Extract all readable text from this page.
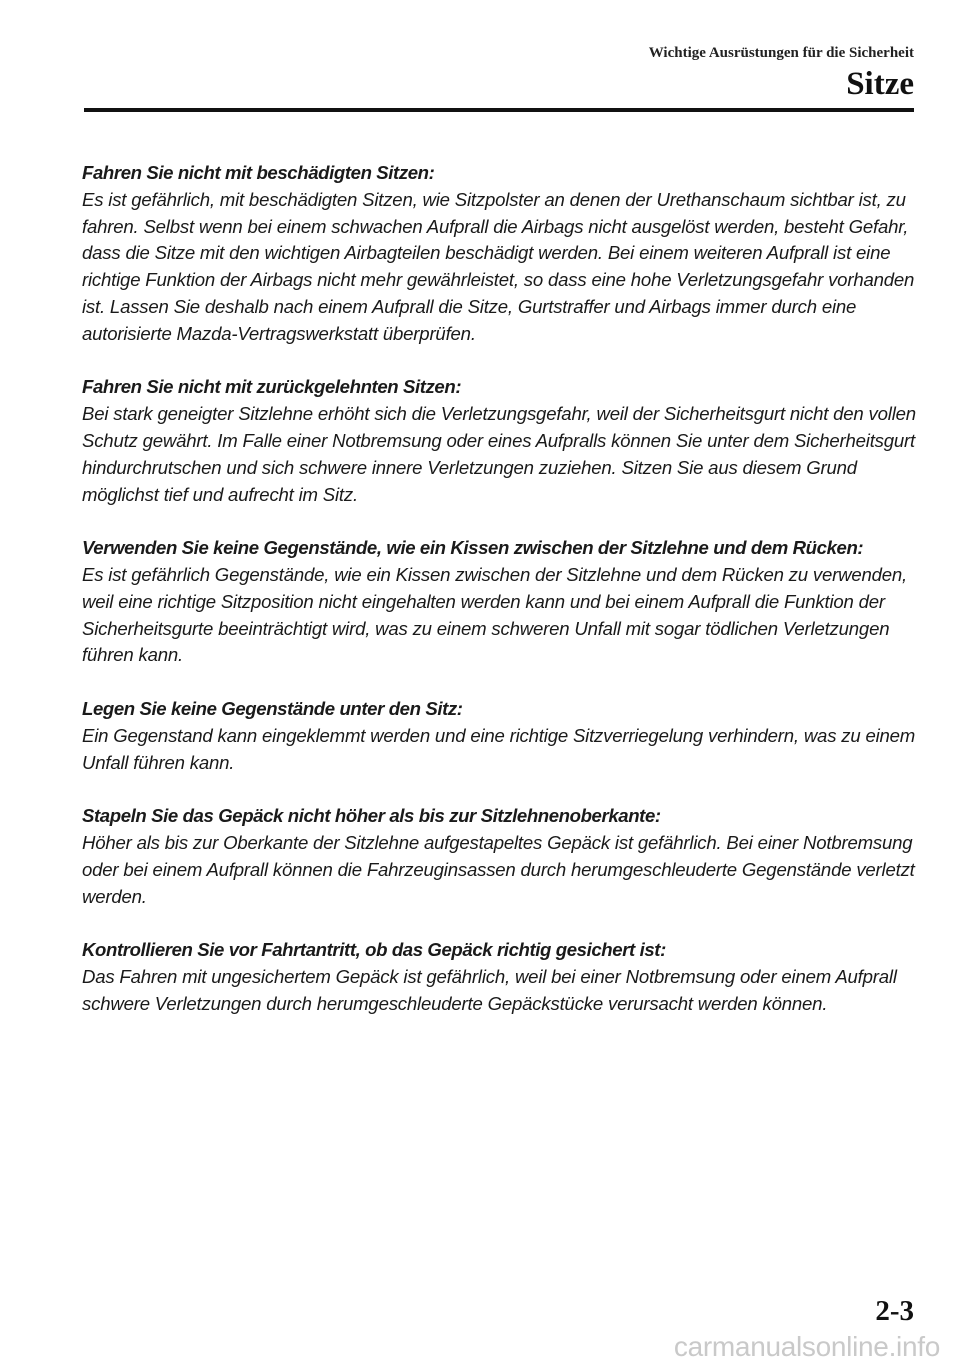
Wichtige Ausrüstungen für die Sicherheit
Sitze
Fahren Sie nicht mit beschädigten Sitzen:
Es ist gefährlich, mit beschädigten Sitzen, wie Sitzpolster an denen der Urethanschaum sichtbar ist, zu fahren. Selbst wenn bei einem schwachen Aufprall die Airbags nicht ausgelöst werden, besteht Gefahr, dass die Sitze mit den wichtigen Airbagteilen beschädigt werden. Bei einem weiteren Aufprall ist eine richtige Funktion der Airbags nicht mehr gewährleistet, so dass eine hohe Verletzungsgefahr vorhanden ist. Lassen Sie deshalb nach einem Aufprall die Sitze, Gurtstraffer und Airbags immer durch eine autorisierte Mazda-Vertragswerkstatt überprüfen.
Fahren Sie nicht mit zurückgelehnten Sitzen:
Bei stark geneigter Sitzlehne erhöht sich die Verletzungsgefahr, weil der Sicherheitsgurt nicht den vollen Schutz gewährt. Im Falle einer Notbremsung oder eines Aufpralls können Sie unter dem Sicherheitsgurt hindurchrutschen und sich schwere innere Verletzungen zuziehen. Sitzen Sie aus diesem Grund möglichst tief und aufrecht im Sitz.
Verwenden Sie keine Gegenstände, wie ein Kissen zwischen der Sitzlehne und dem Rücken:
Es ist gefährlich Gegenstände, wie ein Kissen zwischen der Sitzlehne und dem Rücken zu verwenden, weil eine richtige Sitzposition nicht eingehalten werden kann und bei einem Aufprall die Funktion der Sicherheitsgurte beeinträchtigt wird, was zu einem schweren Unfall mit sogar tödlichen Verletzungen führen kann.
Legen Sie keine Gegenstände unter den Sitz:
Ein Gegenstand kann eingeklemmt werden und eine richtige Sitzverriegelung verhindern, was zu einem Unfall führen kann.
Stapeln Sie das Gepäck nicht höher als bis zur Sitzlehnenoberkante:
Höher als bis zur Oberkante der Sitzlehne aufgestapeltes Gepäck ist gefährlich. Bei einer Notbremsung oder bei einem Aufprall können die Fahrzeuginsassen durch herumgeschleuderte Gegenstände verletzt werden.
Kontrollieren Sie vor Fahrtantritt, ob das Gepäck richtig gesichert ist:
Das Fahren mit ungesichertem Gepäck ist gefährlich, weil bei einer Notbremsung oder einem Aufprall schwere Verletzungen durch herumgeschleuderte Gepäckstücke verursacht werden können.
2-3
carmanualsonline.info
